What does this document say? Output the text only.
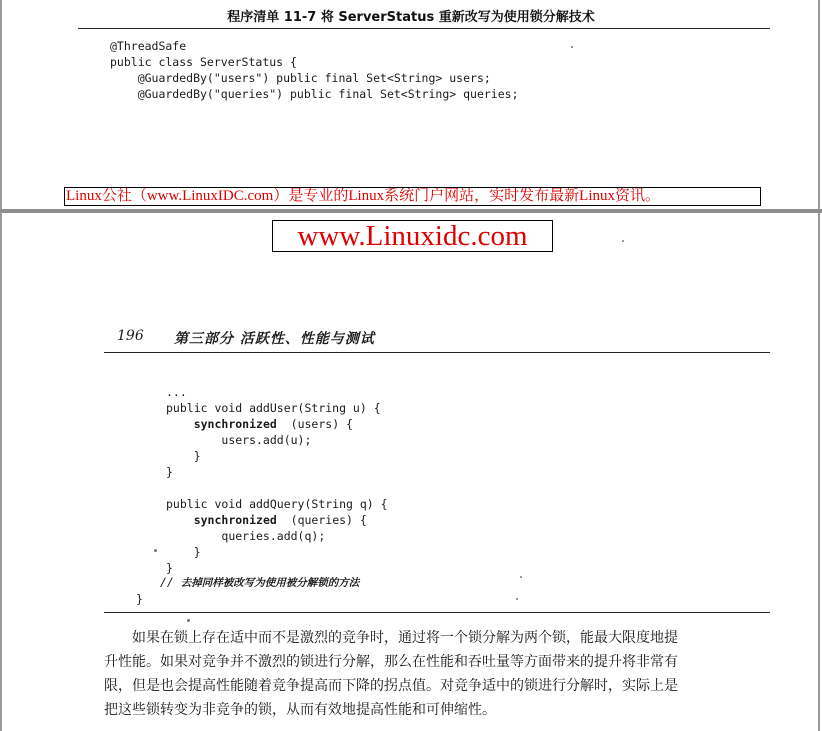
程序清单 11-7 将 ServerStatus 重新改写为使用锁分解技术
@ThreadSafe
public class ServerStatus {
@GuardedBy("users") public final Set<String> users;
@GuardedBy("queries") public final Set<String> queries;
Linux公社（www.LinuxIDC.com）是专业的Linux系统门户网站，实时发布最新Linux资讯。
www.Linuxidc.com
196 第三部分 活跃性、性能与测试
...
public void addUser(String u) {
synchronized (users) {
users.add(u);
}
}

public void addQuery(String q) {
synchronized (queries) {
queries.add(q);
}
}
// 去掉同样被改写为使用被分解锁的方法
}

如果在锁上存在适中而不是激烈的竞争时，通过将一个锁分解为两个锁，能最大限度地提
升性能。如果对竞争并不激烈的锁进行分解，那么在性能和吞吐量等方面带来的提升将非常有
限，但是也会提高性能随着竞争提高而下降的拐点值。对竞争适中的锁进行分解时，实际上是
把这些锁转变为非竞争的锁，从而有效地提高性能和可伸缩性。
